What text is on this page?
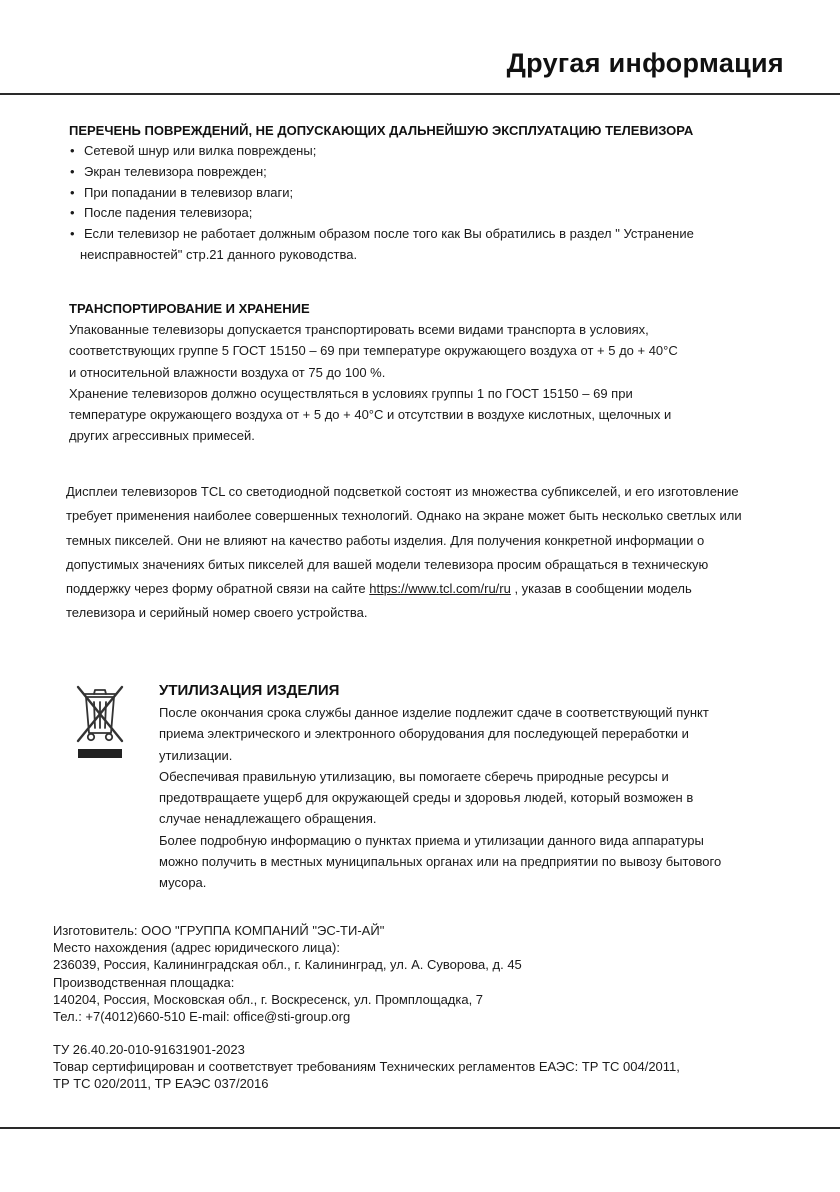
Другая информация
ПЕРЕЧЕНЬ ПОВРЕЖДЕНИЙ, НЕ ДОПУСКАЮЩИХ ДАЛЬНЕЙШУЮ ЭКСПЛУАТАЦИЮ ТЕЛЕВИЗОРА
• Сетевой шнур или вилка повреждены;
• Экран телевизора поврежден;
• При попадании в телевизор влаги;
• После падения телевизора;
• Если телевизор не работает должным образом после того как Вы обратились в раздел " Устранение
неисправностей" стр.21 данного руководства.
ТРАНСПОРТИРОВАНИЕ И ХРАНЕНИЕ
Упакованные телевизоры допускается транспортировать всеми видами транспорта в условиях,
соответствующих группе 5 ГОСТ 15150 – 69 при температуре окружающего воздуха от + 5 до + 40°С
и относительной влажности воздуха от 75 до 100 %.
Хранение телевизоров должно осуществляться в условиях группы 1 по ГОСТ 15150 – 69 при
температуре окружающего воздуха от + 5 до + 40°С и отсутствии в воздухе кислотных, щелочных и
других агрессивных примесей.
Дисплеи телевизоров TCL со светодиодной подсветкой состоят из множества субпикселей, и его изготовление
требует применения наиболее совершенных технологий. Однако на экране может быть несколько светлых или
темных пикселей. Они не влияют на качество работы изделия. Для получения конкретной информации о
допустимых значениях битых пикселей для вашей модели телевизора просим обращаться в техническую
поддержку через форму обратной связи на сайте https://www.tcl.com/ru/ru , указав в сообщении модель
телевизора и серийный номер своего устройства.
УТИЛИЗАЦИЯ ИЗДЕЛИЯ
После окончания срока службы данное изделие подлежит сдаче в соответствующий пункт
приема электрического и электронного оборудования для последующей переработки и
утилизации.
Обеспечивая правильную утилизацию, вы помогаете сберечь природные ресурсы и
предотвращаете ущерб для окружающей среды и здоровья людей, который возможен в
случае ненадлежащего обращения.
Более подробную информацию о пунктах приема и утилизации данного вида аппаратуры
можно получить в местных муниципальных органах или на предприятии по вывозу бытового
мусора.
Изготовитель: ООО "ГРУППА КОМПАНИЙ "ЭС-ТИ-АЙ"
Место нахождения (адрес юридического лица):
236039, Россия, Калининградская обл., г. Калининград, ул. А. Суворова, д. 45
Производственная площадка:
140204, Россия, Московская обл., г. Воскресенск, ул. Промплощадка, 7
Тел.: +7(4012)660-510 E-mail: office@sti-group.org
ТУ 26.40.20-010-91631901-2023
Товар сертифицирован и соответствует требованиям Технических регламентов ЕАЭС: ТР ТС 004/2011,
ТР ТС 020/2011, ТР ЕАЭС 037/2016
